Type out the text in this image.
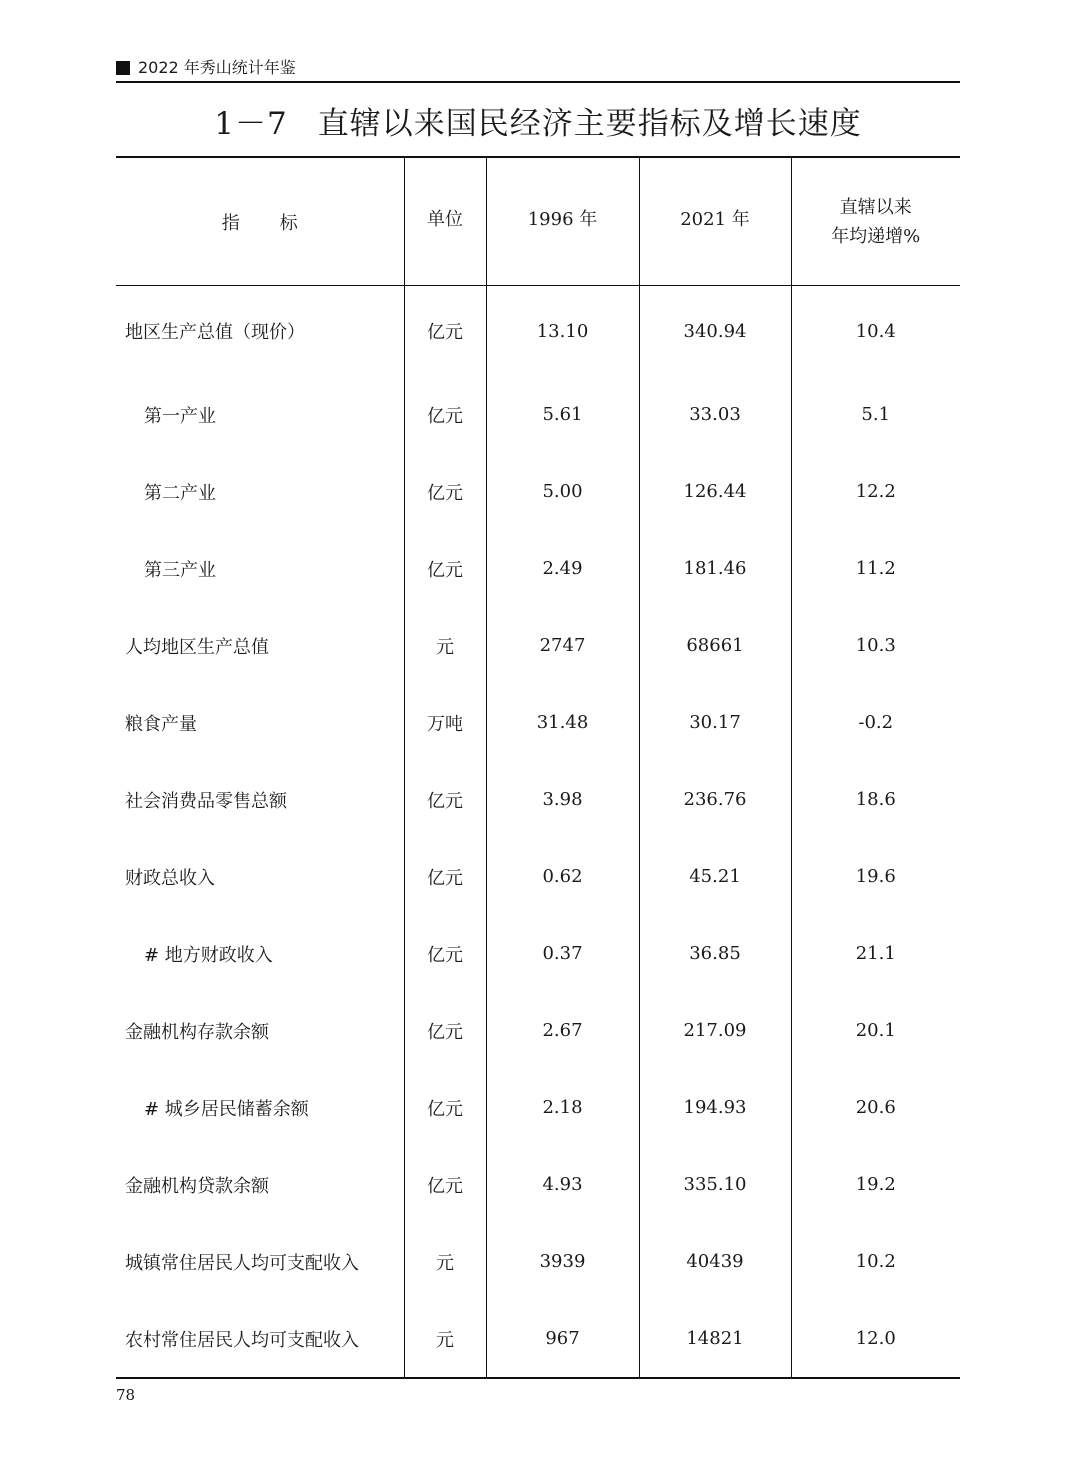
2022 年秀山统计年鉴
1－7 直辖以来国民经济主要指标及增长速度
指 标	单位	1996 年	2021 年	直辖以来
年均递增%
地区生产总值（现价）	亿元	13.10	340.94	10.4
第一产业	亿元	5.61	33.03	5.1
第二产业	亿元	5.00	126.44	12.2
第三产业	亿元	2.49	181.46	11.2
人均地区生产总值	元	2747	68661	10.3
粮食产量	万吨	31.48	30.17	-0.2
社会消费品零售总额	亿元	3.98	236.76	18.6
财政总收入	亿元	0.62	45.21	19.6
# 地方财政收入	亿元	0.37	36.85	21.1
金融机构存款余额	亿元	2.67	217.09	20.1
# 城乡居民储蓄余额	亿元	2.18	194.93	20.6
金融机构贷款余额	亿元	4.93	335.10	19.2
城镇常住居民人均可支配收入	元	3939	40439	10.2
农村常住居民人均可支配收入	元	967	14821	12.0
78
